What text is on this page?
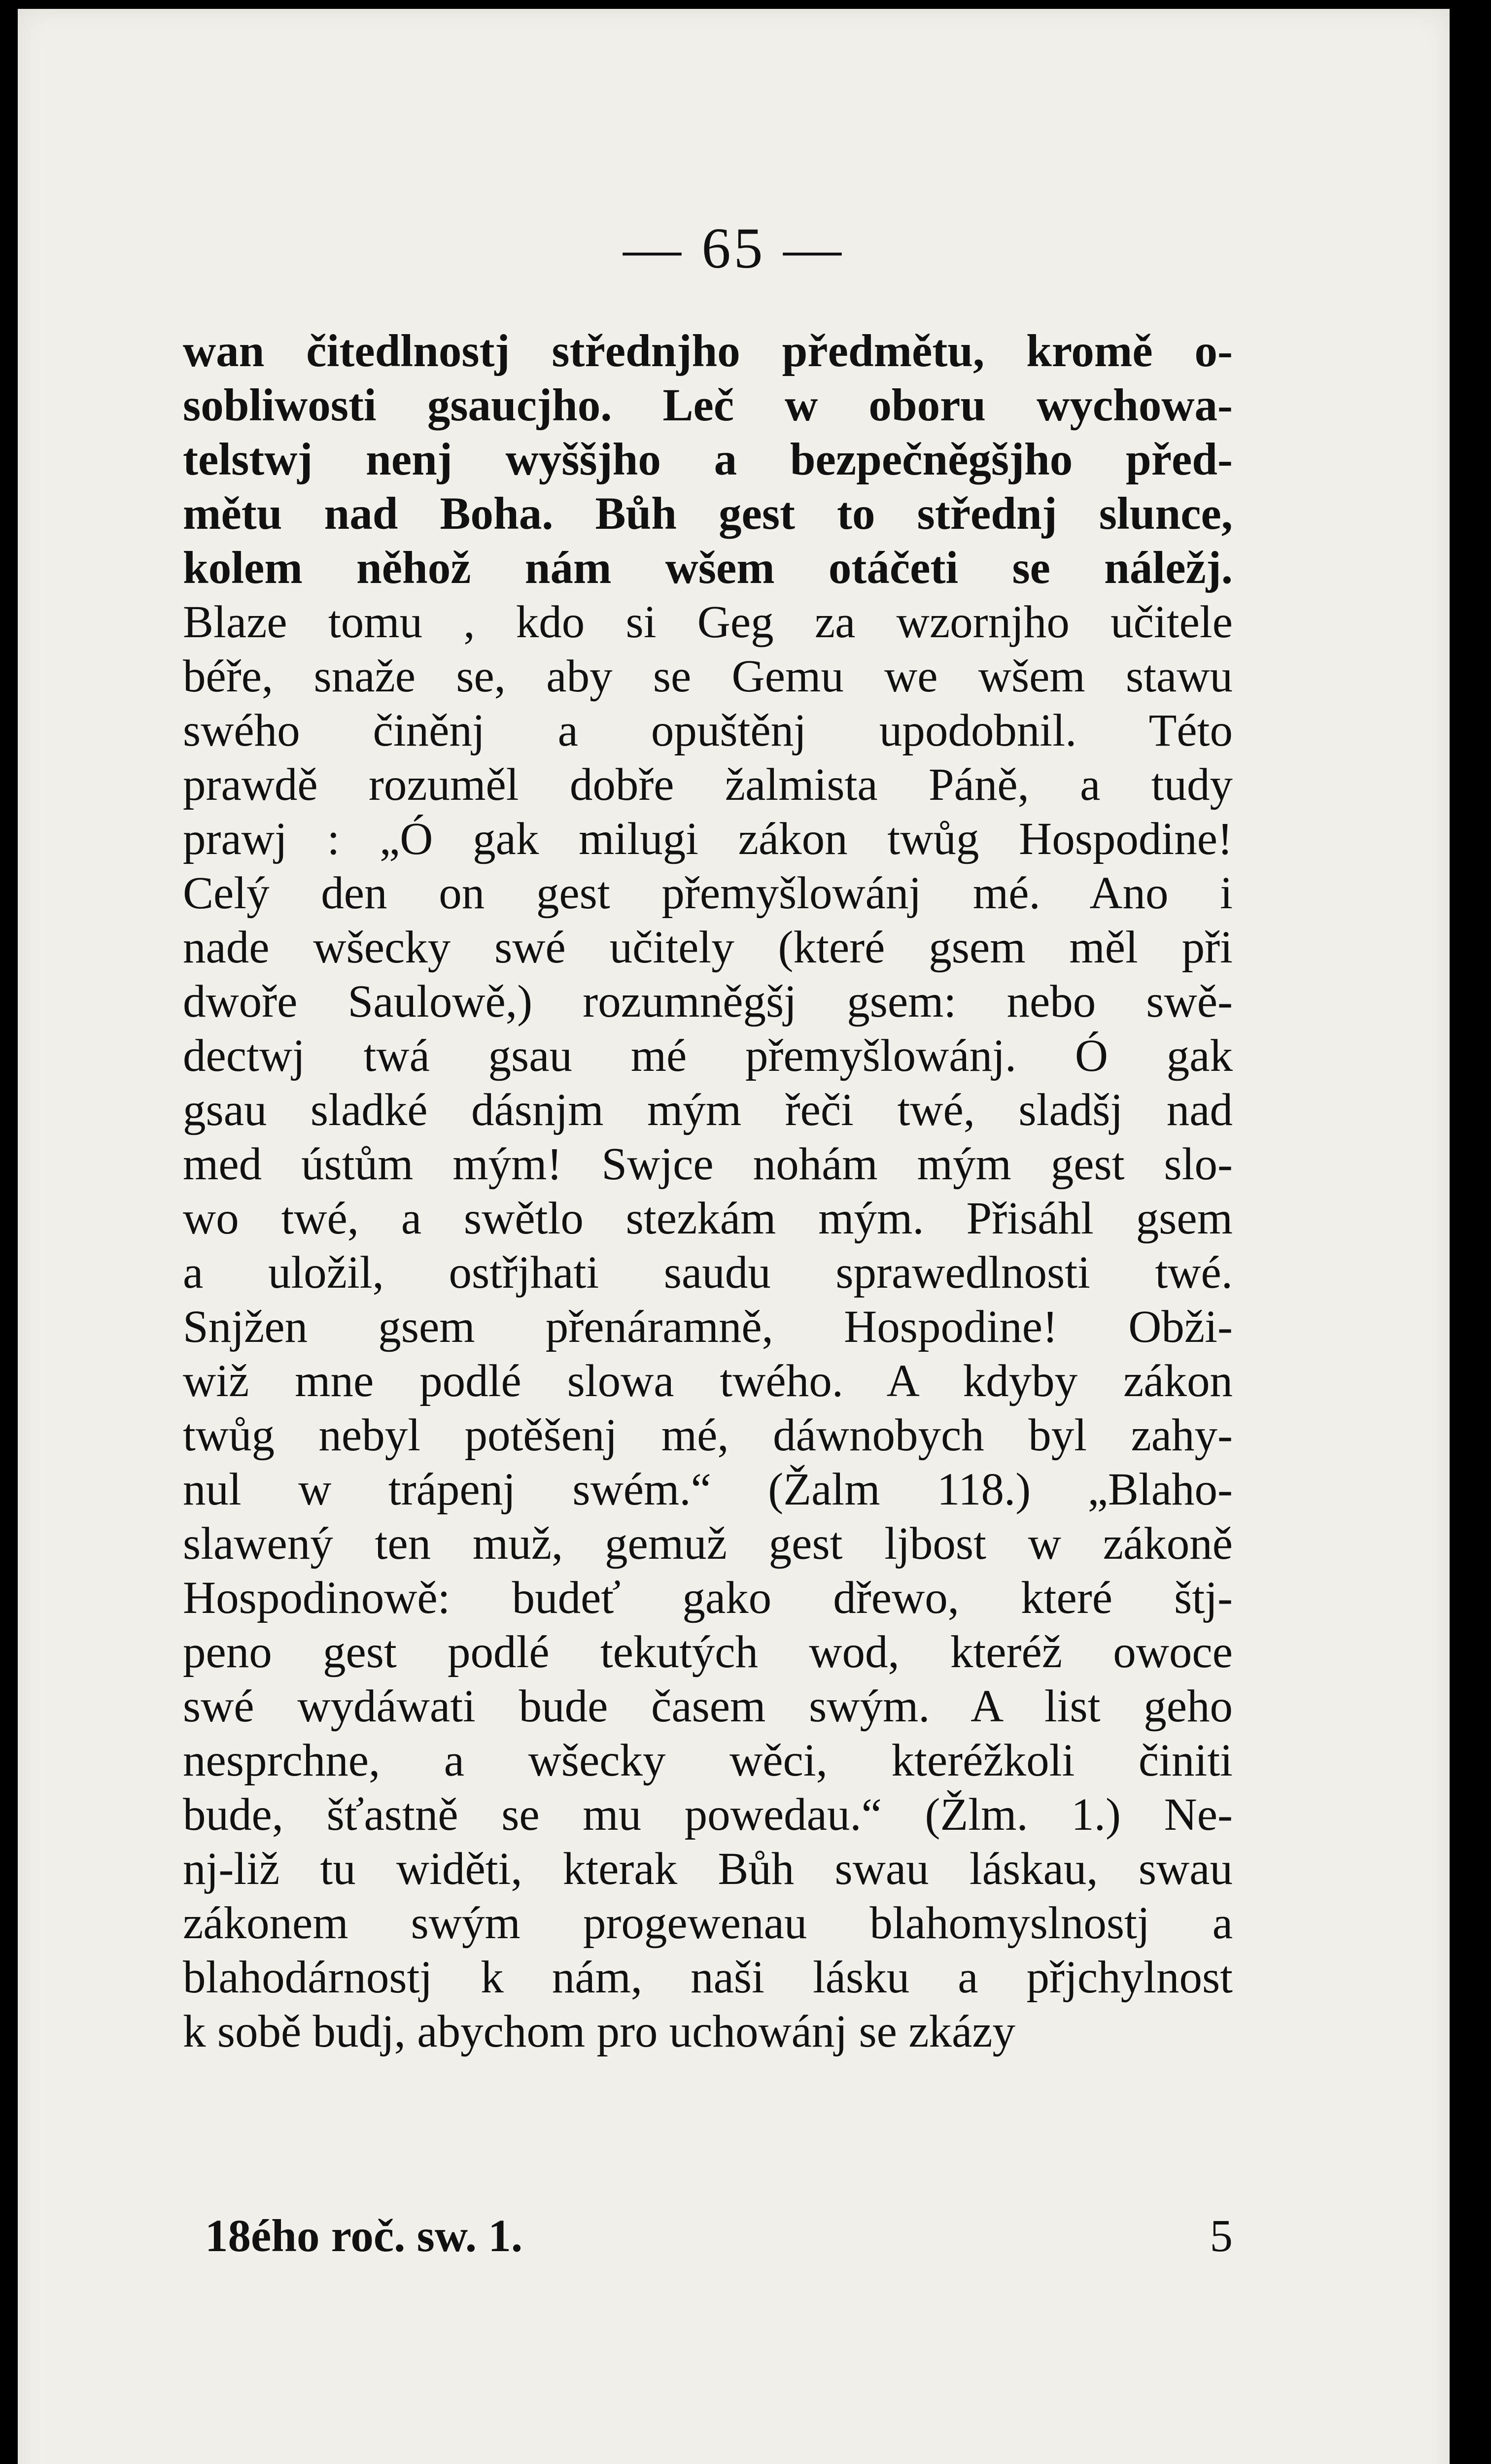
— 65 —
wan čitedlnostj střednjho předmětu, kromě o-
sobliwosti gsaucjho. Leč w oboru wychowa-
telstwj nenj wyššjho a bezpečněgšjho před-
mětu nad Boha. Bůh gest to střednj slunce,
kolem něhož nám wšem otáčeti se náležj.
Blaze tomu , kdo si Geg za wzornjho učitele
béře, snaže se, aby se Gemu we wšem stawu
swého činěnj a opuštěnj upodobnil. Této
prawdě rozuměl dobře žalmista Páně, a tudy
prawj : „Ó gak milugi zákon twůg Hospodine!
Celý den on gest přemyšlowánj mé. Ano i
nade wšecky swé učitely (které gsem měl při
dwoře Saulowě,) rozumněgšj gsem: nebo swě-
dectwj twá gsau mé přemyšlowánj. Ó gak
gsau sladké dásnjm mým řeči twé, sladšj nad
med ústům mým! Swjce nohám mým gest slo-
wo twé, a swětlo stezkám mým. Přisáhl gsem
a uložil, ostřjhati saudu sprawedlnosti twé.
Snjžen gsem přenáramně, Hospodine! Obži-
wiž mne podlé slowa twého. A kdyby zákon
twůg nebyl potěšenj mé, dáwnobych byl zahy-
nul w trápenj swém.“ (Žalm 118.) „Blaho-
slawený ten muž, gemuž gest ljbost w zákoně
Hospodinowě: budeť gako dřewo, které štj-
peno gest podlé tekutých wod, kteréž owoce
swé wydáwati bude časem swým. A list geho
nesprchne, a wšecky wěci, kteréžkoli činiti
bude, šťastně se mu powedau.“ (Žlm. 1.) Ne-
nj-liž tu widěti, kterak Bůh swau láskau, swau
zákonem swým progewenau blahomyslnostj a
blahodárnostj k nám, naši lásku a přjchylnost
k sobě budj, abychom pro uchowánj se zkázy
18ého roč. sw. 1.	5
